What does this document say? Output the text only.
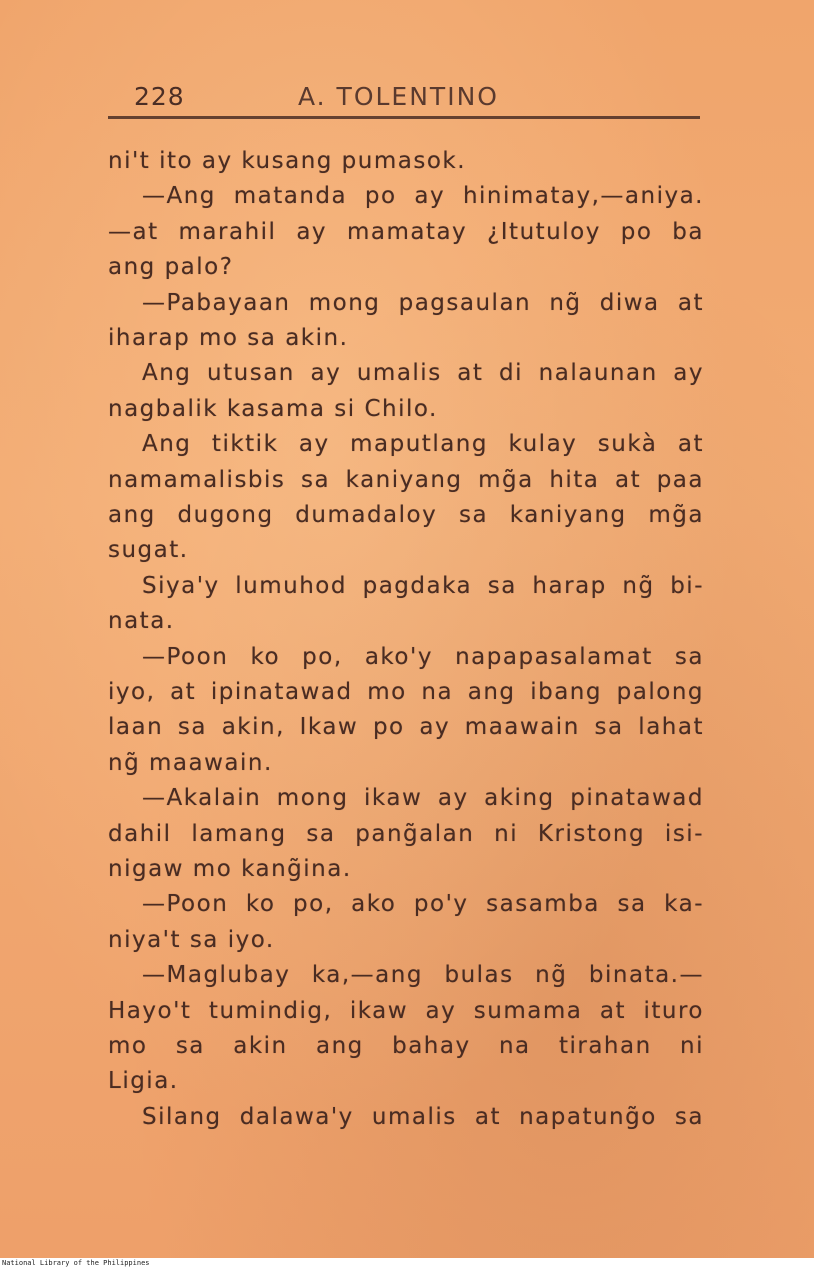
228	A. TOLENTINO
ni't ito ay kusang pumasok.
—Ang matanda po ay hinimatay,—aniya.
—at marahil ay mamatay ¿Itutuloy po ba
ang palo?
—Pabayaan mong pagsaulan ng̃ diwa at
iharap mo sa akin.
Ang utusan ay umalis at di nalaunan ay
nagbalik kasama si Chilo.
Ang tiktik ay maputlang kulay sukà at
namamalisbis sa kaniyang mg̃a hita at paa
ang dugong dumadaloy sa kaniyang mg̃a
sugat.
Siya'y lumuhod pagdaka sa harap ng̃ bi-
nata.
—Poon ko po, ako'y napapasalamat sa
iyo, at ipinatawad mo na ang ibang palong
laan sa akin, Ikaw po ay maawain sa lahat
ng̃ maawain.
—Akalain mong ikaw ay aking pinatawad
dahil lamang sa pang̃alan ni Kristong isi-
nigaw mo kang̃ina.
—Poon ko po, ako po'y sasamba sa ka-
niya't sa iyo.
—Maglubay ka,—ang bulas ng̃ binata.—
Hayo't tumindig, ikaw ay sumama at ituro
mo sa akin ang bahay na tirahan ni
Ligia.
Silang dalawa'y umalis at napatung̃o sa
National Library of the Philippines
